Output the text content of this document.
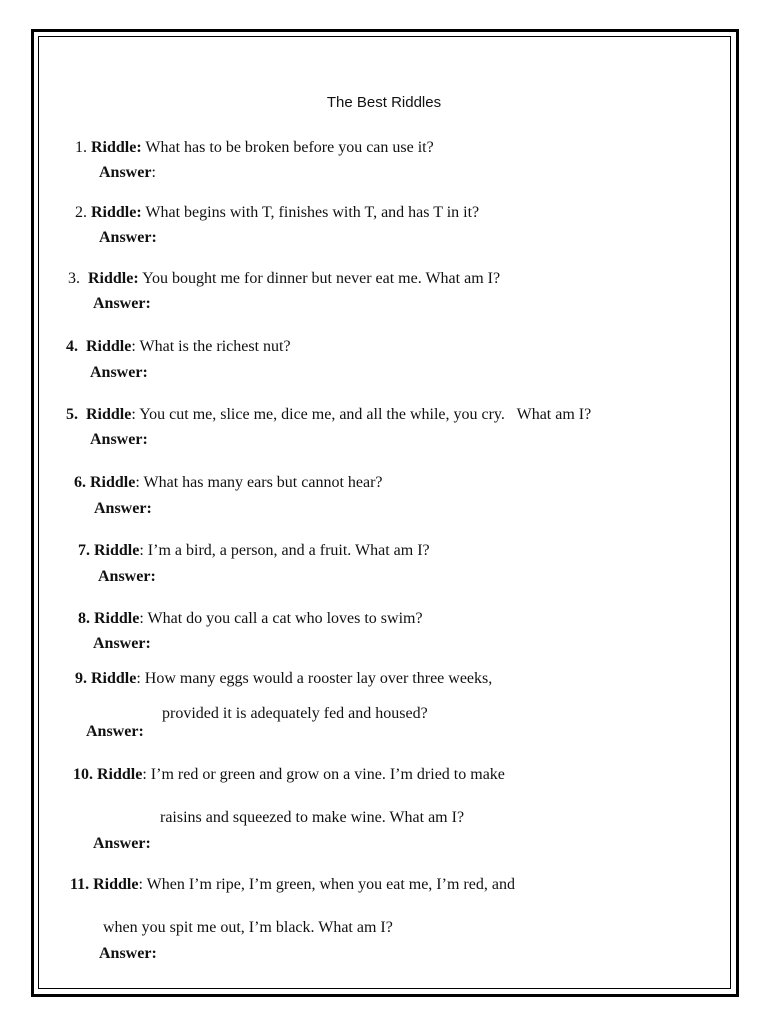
The Best Riddles
1. Riddle: What has to be broken before you can use it?
Answer:
2. Riddle: What begins with T, finishes with T, and has T in it?
Answer:
3. Riddle: You bought me for dinner but never eat me. What am I?
Answer:
4. Riddle: What is the richest nut?
Answer:
5. Riddle: You cut me, slice me, dice me, and all the while, you cry.   What am I?
Answer:
6. Riddle: What has many ears but cannot hear?
Answer:
7. Riddle: I’m a bird, a person, and a fruit. What am I?
Answer:
8. Riddle: What do you call a cat who loves to swim?
Answer:
9. Riddle: How many eggs would a rooster lay over three weeks,
provided it is adequately fed and housed?
Answer:
10. Riddle: I’m red or green and grow on a vine. I’m dried to make
raisins and squeezed to make wine. What am I?
Answer:
11. Riddle: When I’m ripe, I’m green, when you eat me, I’m red, and
when you spit me out, I’m black. What am I?
Answer:
